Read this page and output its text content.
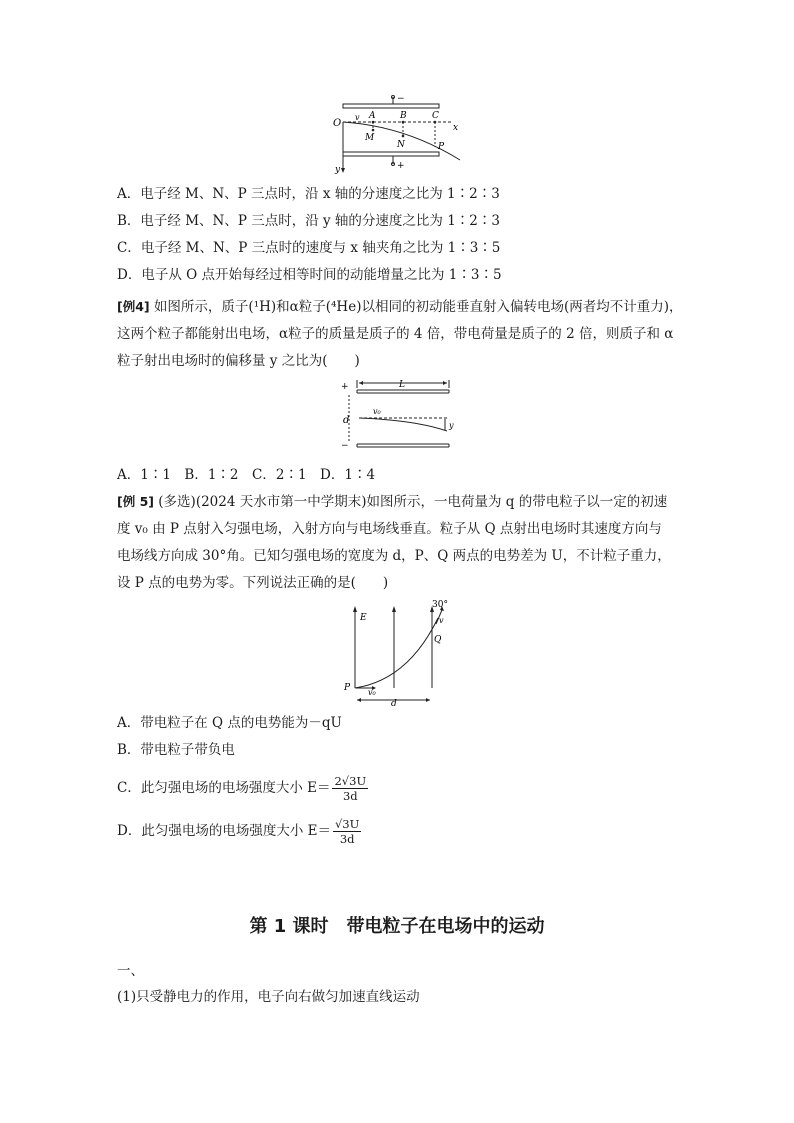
−
+
O
v A	B	C
x
M
N	P
y
A．电子经 M、N、P 三点时，沿 x 轴的分速度之比为 1∶2∶3
B．电子经 M、N、P 三点时，沿 y 轴的分速度之比为 1∶2∶3
C．电子经 M、N、P 三点时的速度与 x 轴夹角之比为 1∶3∶5
D．电子从 O 点开始每经过相等时间的动能增量之比为 1∶3∶5
[例4] 如图所示，质子(¹H)和α粒子(⁴He)以相同的初动能垂直射入偏转电场(两者均不计重力)，
这两个粒子都能射出电场，α粒子的质量是质子的 4 倍，带电荷量是质子的 2 倍，则质子和 α
粒子射出电场时的偏移量 y 之比为(　　)
+
−
L
d
v₀
y
A．1∶1　B．1∶2　C．2∶1　D．1∶4
[例 5] (多选)(2024 天水市第一中学期末)如图所示，一电荷量为 q 的带电粒子以一定的初速
度 v₀ 由 P 点射入匀强电场，入射方向与电场线垂直。粒子从 Q 点射出电场时其速度方向与
电场线方向成 30°角。已知匀强电场的宽度为 d，P、Q 两点的电势差为 U，不计粒子重力，
设 P 点的电势为零。下列说法正确的是(　　)
E
30°
v
Q
P v₀
d
A．带电粒子在 Q 点的电势能为－qU
B．带电粒子带负电
C．此匀强电场的电场强度大小 $E= \frac{2√3U}{3d}$
D．此匀强电场的电场强度大小 $E= \frac{√3U}{3d}$
第 1 课时　带电粒子在电场中的运动
一、
(1)只受静电力的作用，电子向右做匀加速直线运动
